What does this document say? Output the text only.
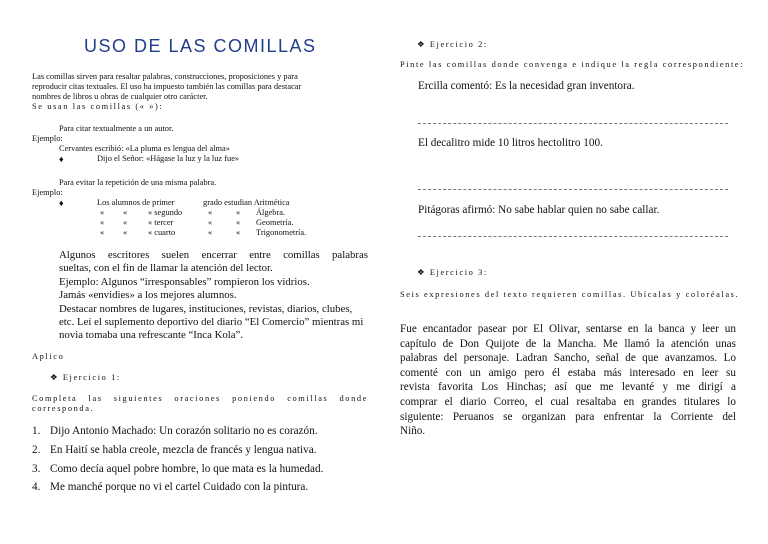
USO DE LAS COMILLAS
Las comillas sirven para resaltar palabras, construcciones, proposiciones y para
reproducir citas textuales. El uso ha impuesto también las comillas para destacar
nombres de libros u obras de cualquier otro carácter.
Se usan las comillas (« »):
Para citar textualmente a un autor.
Ejemplo:
Cervantes escribió: «La pluma es lengua del alma»
♦	Dijo el Señor: «Hágase la luz y la luz fue»
Para evitar la repetición de una misma palabra.
Ejemplo:
♦	Los alumnos de primer	grado estudian Aritmética
«	«	« segundo	«	«	Álgebra.
«	«	« tercer	«	«	Geometría.
«	«	« cuarto	«	«	Trigonometría.
Algunos escritores suelen encerrar entre comillas palabras
sueltas, con el fin de llamar la atención del lector.
Ejemplo: Algunos “irresponsables” rompieron los vidrios.
Jamás «envidies» a los mejores alumnos.
Destacar nombres de lugares, instituciones, revistas, diarios, clubes,
etc. Leí el suplemento deportivo del diario “El Comercio” mientras mi
novia tomaba una refrescante “Inca Kola”.
Aplico
❖ Ejercicio 1:
Completa las siguientes oraciones poniendo comillas donde
corresponda.
1. Dijo Antonio Machado: Un corazón solitario no es corazón.
2. En Haití se habla creole, mezcla de francés y lengua nativa.
3. Como decía aquel pobre hombre, lo que mata es la humedad.
4. Me manché porque no vi el cartel Cuidado con la pintura.
❖ Ejercicio 2:
Pinte las comillas donde convenga e indique la regla correspondiente:
Ercilla comentó: Es la necesidad gran inventora.
El decalitro mide 10 litros hectolitro 100.
Pitágoras afirmó: No sabe hablar quien no sabe callar.
❖ Ejercicio 3:
Seis expresiones del texto requieren comillas. Ubícalas y coloréalas.
Fue encantador pasear por El Olivar, sentarse en la banca y leer un
capítulo de Don Quijote de la Mancha. Me llamó la atención unas
palabras del personaje. Ladran Sancho, señal de que avanzamos. Lo
comenté con un amigo pero él estaba más interesado en leer su
revista favorita Los Hinchas; así que me levanté y me dirigí a
comprar el diario Correo, el cual resaltaba en grandes titulares lo
siguiente: Peruanos se organizan para enfrentar la Corriente del
Niño.
